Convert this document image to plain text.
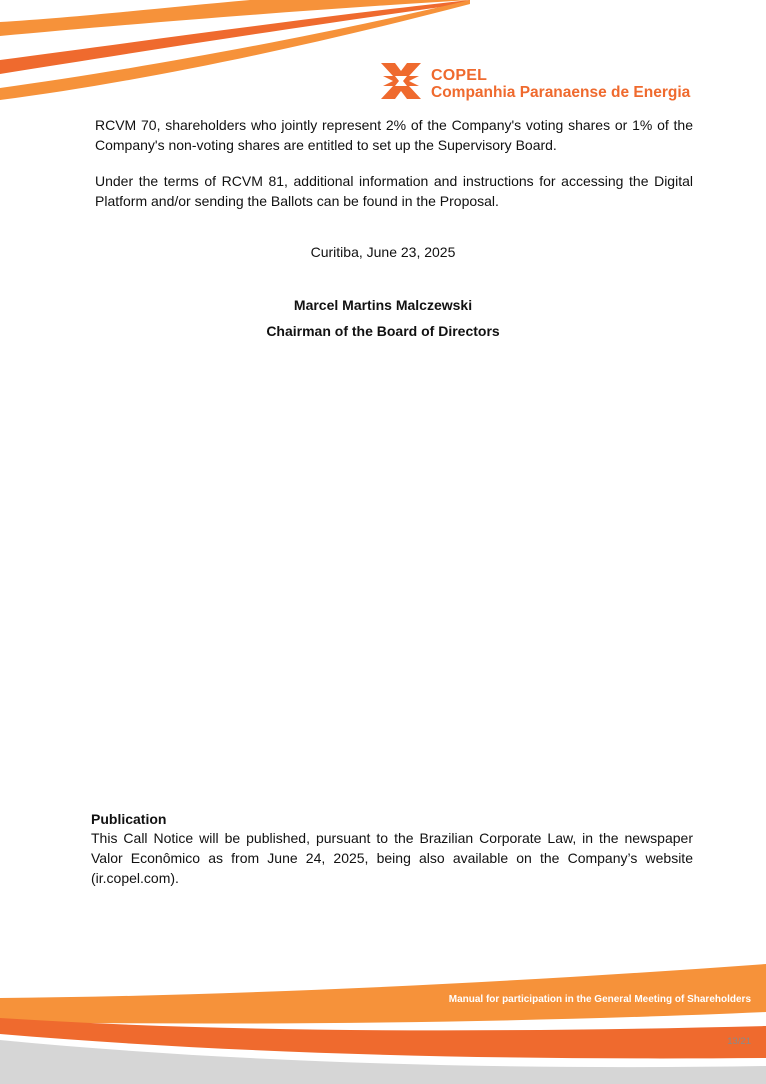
COPEL
Companhia Paranaense de Energia

RCVM 70, shareholders who jointly represent 2% of the Company's voting shares or 1% of the Company's non-voting shares are entitled to set up the Supervisory Board.

Under the terms of RCVM 81, additional information and instructions for accessing the Digital Platform and/or sending the Ballots can be found in the Proposal.

Curitiba, June 23, 2025

Marcel Martins Malczewski

Chairman of the Board of Directors

Publication

This Call Notice will be published, pursuant to the Brazilian Corporate Law, in the newspaper Valor Econômico as from June 24, 2025, being also available on the Company’s website (ir.copel.com).

Manual for participation in the General Meeting of Shareholders
13/21
